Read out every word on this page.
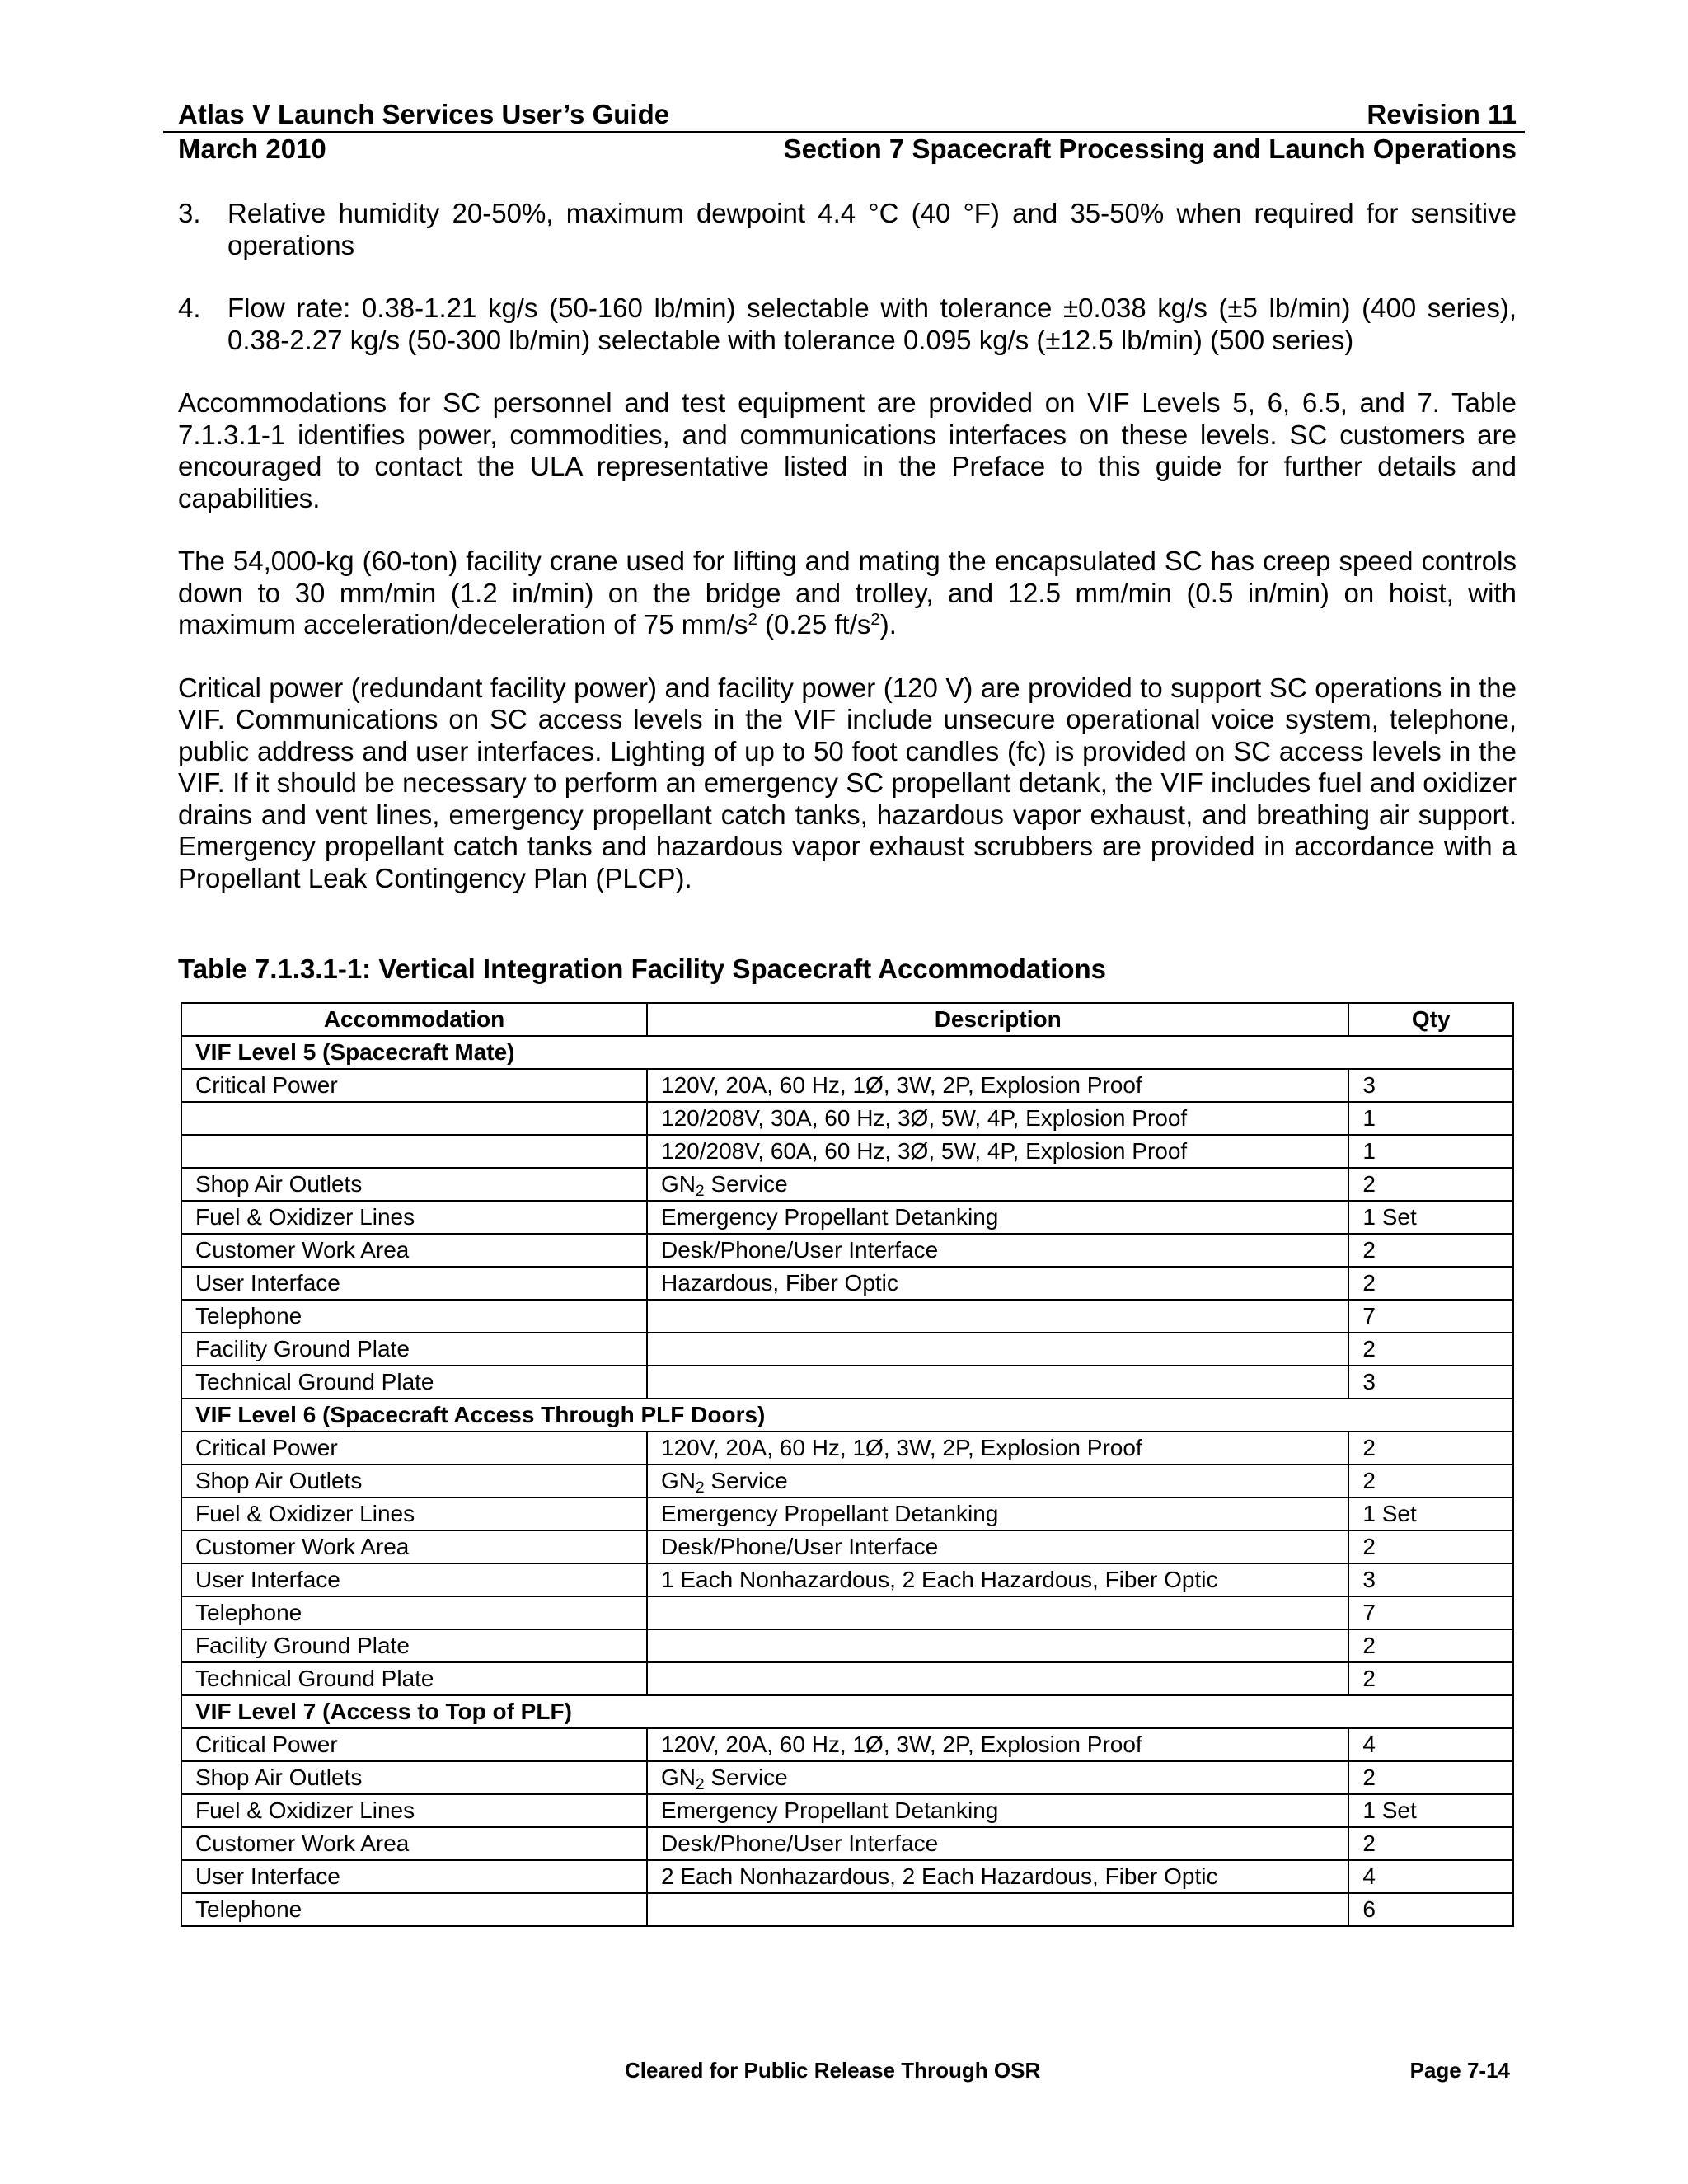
Atlas V Launch Services User’s Guide	Revision 11
March 2010	Section 7 Spacecraft Processing and Launch Operations
3. Relative humidity 20-50%, maximum dewpoint 4.4 °C (40 °F) and 35-50% when required for sensitive operations
4. Flow rate: 0.38-1.21 kg/s (50-160 lb/min) selectable with tolerance ±0.038 kg/s (±5 lb/min) (400 series), 0.38-2.27 kg/s (50-300 lb/min) selectable with tolerance 0.095 kg/s (±12.5 lb/min) (500 series)

Accommodations for SC personnel and test equipment are provided on VIF Levels 5, 6, 6.5, and 7. Table 7.1.3.1-1 identifies power, commodities, and communications interfaces on these levels. SC customers are encouraged to contact the ULA representative listed in the Preface to this guide for further details and capabilities.

The 54,000-kg (60-ton) facility crane used for lifting and mating the encapsulated SC has creep speed controls down to 30 mm/min (1.2 in/min) on the bridge and trolley, and 12.5 mm/min (0.5 in/min) on hoist, with maximum acceleration/deceleration of 75 $mm/s^2$ (0.25 $ft/s^2$).

Critical power (redundant facility power) and facility power (120 V) are provided to support SC operations in the VIF. Communications on SC access levels in the VIF include unsecure operational voice system, telephone, public address and user interfaces. Lighting of up to 50 foot candles (fc) is provided on SC access levels in the VIF. If it should be necessary to perform an emergency SC propellant detank, the VIF includes fuel and oxidizer drains and vent lines, emergency propellant catch tanks, hazardous vapor exhaust, and breathing air support. Emergency propellant catch tanks and hazardous vapor exhaust scrubbers are provided in accordance with a Propellant Leak Contingency Plan (PLCP).

Table 7.1.3.1-1: Vertical Integration Facility Spacecraft Accommodations
Accommodation	Description	Qty
VIF Level 5 (Spacecraft Mate)		
Critical Power	120V, 20A, 60 Hz, 1Ø, 3W, 2P, Explosion Proof	3
	120/208V, 30A, 60 Hz, 3Ø, 5W, 4P, Explosion Proof	1
	120/208V, 60A, 60 Hz, 3Ø, 5W, 4P, Explosion Proof	1
Shop Air Outlets	$GN_2$ Service	2
Fuel & Oxidizer Lines	Emergency Propellant Detanking	1 Set
Customer Work Area	Desk/Phone/User Interface	2
User Interface	Hazardous, Fiber Optic	2
Telephone		7
Facility Ground Plate		2
Technical Ground Plate		3
VIF Level 6 (Spacecraft Access Through PLF Doors)		
Critical Power	120V, 20A, 60 Hz, 1Ø, 3W, 2P, Explosion Proof	2
Shop Air Outlets	$GN_2$ Service	2
Fuel & Oxidizer Lines	Emergency Propellant Detanking	1 Set
Customer Work Area	Desk/Phone/User Interface	2
User Interface	1 Each Nonhazardous, 2 Each Hazardous, Fiber Optic	3
Telephone		7
Facility Ground Plate		2
Technical Ground Plate		2
VIF Level 7 (Access to Top of PLF)		
Critical Power	120V, 20A, 60 Hz, 1Ø, 3W, 2P, Explosion Proof	4
Shop Air Outlets	$GN_2$ Service	2
Fuel & Oxidizer Lines	Emergency Propellant Detanking	1 Set
Customer Work Area	Desk/Phone/User Interface	2
User Interface	2 Each Nonhazardous, 2 Each Hazardous, Fiber Optic	4
Telephone		6
Cleared for Public Release Through OSR	Page 7-14
